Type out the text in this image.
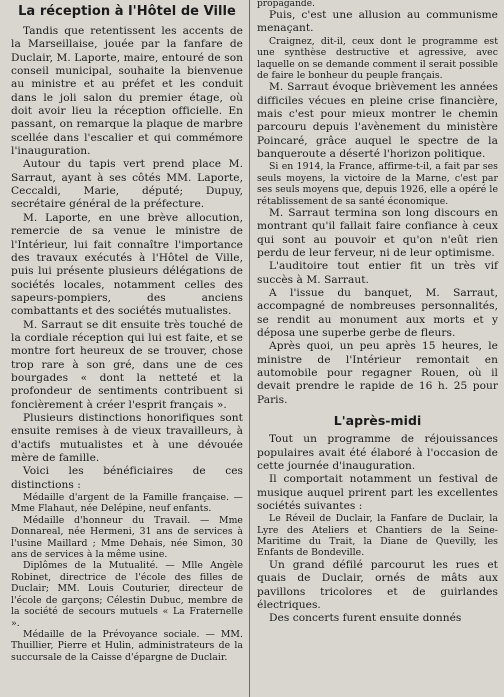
La réception à l'Hôtel de Ville

Tandis que retentissent les accents de la Marseillaise, jouée par la fanfare de Duclair, M. Laporte, maire, entouré de son conseil municipal, souhaite la bienvenue au ministre et au préfet et les conduit dans le joli salon du premier étage, où doit avoir lieu la réception officielle. En passant, on remarque la plaque de marbre scellée dans l'escalier et qui commémore l'inauguration.

Autour du tapis vert prend place M. Sarraut, ayant à ses côtés MM. Laporte, Ceccaldi, Marie, député; Dupuy, secrétaire général de la préfecture.

M. Laporte, en une brève allocution, remercie de sa venue le ministre de l'Intérieur, lui fait connaître l'importance des travaux exécutés à l'Hôtel de Ville, puis lui présente plusieurs délégations de sociétés locales, notamment celles des sapeurs-pompiers, des anciens combattants et des sociétés mutualistes.

M. Sarraut se dit ensuite très touché de la cordiale réception qui lui est faite, et se montre fort heureux de se trouver, chose trop rare à son gré, dans une de ces bourgades « dont la netteté et la profondeur de sentiments contribuent si foncièrement à créer l'esprit français ».

Plusieurs distinctions honorifiques sont ensuite remises à de vieux travailleurs, à d'actifs mutualistes et à une dévouée mère de famille.

Voici les bénéficiaires de ces distinctions :

Médaille d'argent de la Famille française. — Mme Flahaut, née Delépine, neuf enfants.

Médaille d'honneur du Travail. — Mme Donnareal, née Hermeni, 31 ans de services à l'usine Maillard ; Mme Dehais, née Simon, 30 ans de services à la même usine.

Diplômes de la Mutualité. — Mlle Angèle Robinet, directrice de l'école des filles de Duclair; MM. Louis Couturier, directeur de l'école de garçons; Célestin Dubuc, membre de la société de secours mutuels « La Fraternelle ».

Médaille de la Prévoyance sociale. — MM. Thuillier, Pierre et Hulin, administrateurs de la succursale de la Caisse d'épargne de Duclair.

propagande.

Puis, c'est une allusion au communisme menaçant.

Craignez, dit-il, ceux dont le programme est une synthèse destructive et agressive, avec laquelle on se demande comment il serait possible de faire le bonheur du peuple français.

M. Sarraut évoque brièvement les années difficiles vécues en pleine crise financière, mais c'est pour mieux montrer le chemin parcouru depuis l'avènement du ministère Poincaré, grâce auquel le spectre de la banqueroute a déserté l'horizon politique.

Si en 1914, la France, affirme-t-il, a fait par ses seuls moyens, la victoire de la Marne, c'est par ses seuls moyens que, depuis 1926, elle a opéré le rétablissement de sa santé économique.

M. Sarraut termina son long discours en montrant qu'il fallait faire confiance à ceux qui sont au pouvoir et qu'on n'eût rien perdu de leur ferveur, ni de leur optimisme.

L'auditoire tout entier fit un très vif succès à M. Sarraut.

A l'issue du banquet, M. Sarraut, accompagné de nombreuses personnalités, se rendit au monument aux morts et y déposa une superbe gerbe de fleurs.

Après quoi, un peu après 15 heures, le ministre de l'Intérieur remontait en automobile pour regagner Rouen, où il devait prendre le rapide de 16 h. 25 pour Paris.

L'après-midi

Tout un programme de réjouissances populaires avait été élaboré à l'occasion de cette journée d'inauguration.

Il comportait notamment un festival de musique auquel prirent part les excellentes sociétés suivantes :

Le Réveil de Duclair, la Fanfare de Duclair, la Lyre des Ateliers et Chantiers de la Seine-Maritime du Trait, la Diane de Quevilly, les Enfants de Bondeville.

Un grand défilé parcourut les rues et quais de Duclair, ornés de mâts aux pavillons tricolores et de guirlandes électriques.

Des concerts furent ensuite donnés
